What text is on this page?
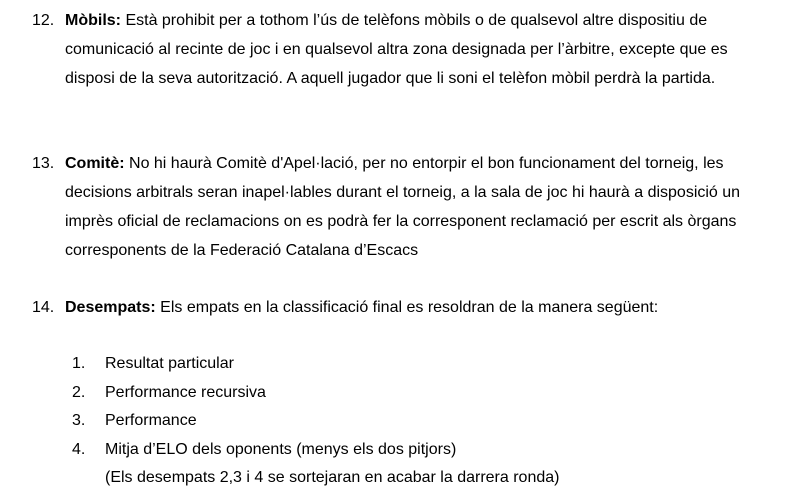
12. Mòbils: Està prohibit per a tothom l’ús de telèfons mòbils o de qualsevol altre dispositiu de comunicació al recinte de joc i en qualsevol altra zona designada per l’àrbitre, excepte que es disposi de la seva autorització. A aquell jugador que li soni el telèfon mòbil perdrà la partida.
13. Comitè: No hi haurà Comitè d'Apel·lació, per no entorpir el bon funcionament del torneig, les decisions arbitrals seran inapel·lables durant el torneig, a la sala de joc hi haurà a disposició un imprès oficial de reclamacions on es podrà fer la corresponent reclamació per escrit als òrgans corresponents de la Federació Catalana d’Escacs
14. Desempats: Els empats en la classificació final es resoldran de la manera següent:
1.	Resultat particular
2.	Performance recursiva
3.	Performance
4.	Mitja d’ELO dels oponents (menys els dos pitjors)
(Els desempats 2,3 i 4 se sortejaran en acabar la darrera ronda)
